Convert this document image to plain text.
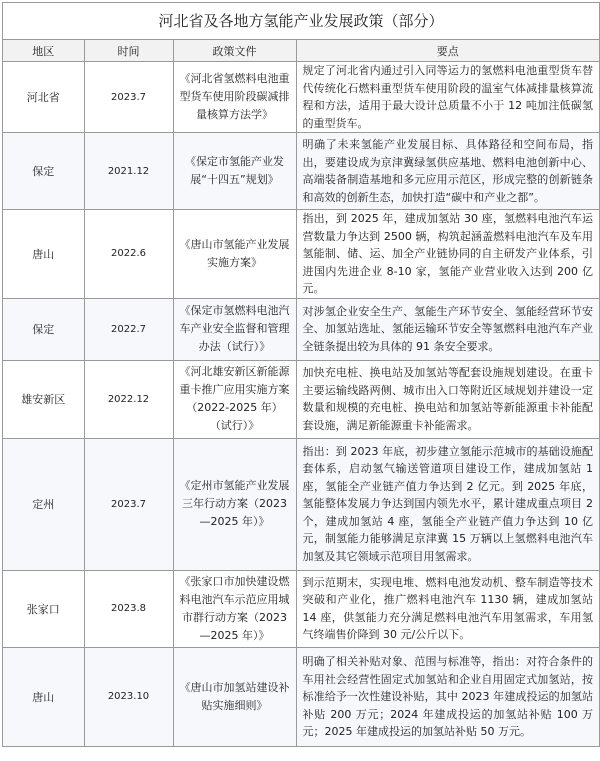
河北省及各地方氢能产业发展政策（部分）
地区	时间	政策文件	要点
河北省	2023.7	《河北省氢燃料电池重型货车使用阶段碳减排量核算方法学》	规定了河北省内通过引入同等运力的氢燃料电池重型货车替代传统化石燃料重型货车使用阶段的温室气体减排量核算流程和方法，适用于最大设计总质量不小于 12 吨加注低碳氢的重型货车。
保定	2021.12	《保定市氢能产业发展“十四五”规划》	明确了未来氢能产业发展目标、具体路径和空间布局，指出，要建设成为京津冀绿氢供应基地、燃料电池创新中心、高端装备制造基地和多元应用示范区，形成完整的创新链条和高效的创新生态，加快打造“碳中和产业之都”。
唐山	2022.6	《唐山市氢能产业发展实施方案》	指出，到 2025 年，建成加氢站 30 座，氢燃料电池汽车运营数量力争达到 2500 辆，构筑起涵盖燃料电池汽车及车用氢能制、储、运、加全产业链协同的自主研发产业体系，引进国内先进企业 8-10 家，氢能产业营业收入达到 200 亿元。
保定	2022.7	《保定市氢燃料电池汽车产业安全监督和管理办法（试行）》	对涉氢企业安全生产、氢能生产环节安全、氢能经营环节安全、加氢站选址、氢能运输环节安全等氢燃料电池汽车产业全链条提出较为具体的 91 条安全要求。
雄安新区	2022.12	《河北雄安新区新能源重卡推广应用实施方案（2022-2025 年）（试行）》	加快充电桩、换电站及加氢站等配套设施规划建设。在重卡主要运输线路两侧、城市出入口等附近区域规划并建设一定数量和规模的充电桩、换电站和加氢站等新能源重卡补能配套设施，满足新能源重卡补能需求。
定州	2023.7	《定州市氢能产业发展三年行动方案（2023—2025 年）》	指出：到 2023 年底，初步建立氢能示范城市的基础设施配套体系，启动氢气输送管道项目建设工作，建成加氢站 1 座，氢能全产业链产值力争达到 2 亿元。到 2025 年底，氢能整体发展力争达到国内领先水平，累计建成重点项目 2 个，建成加氢站 4 座，氢能全产业链产值力争达到 10 亿元，制氢能力能够满足京津冀 15 万辆以上氢燃料电池汽车加氢及其它领域示范项目用氢需求。
张家口	2023.8	《张家口市加快建设燃料电池汽车示范应用城市群行动方案（2023—2025 年）》	到示范期末，实现电堆、燃料电池发动机、整车制造等技术突破和产业化，推广燃料电池汽车 1130 辆，建成加氢站 14 座，供氢能力充分满足燃料电池汽车用氢需求，车用氢气终端售价降到 30 元/公斤以下。
唐山	2023.10	《唐山市加氢站建设补贴实施细则》	明确了相关补贴对象、范围与标准等，指出：对符合条件的车用社会经营性固定式加氢站和企业自用固定式加氢站，按标准给予一次性建设补贴，其中 2023 年建成投运的加氢站补贴 200 万元；2024 年建成投运的加氢站补贴 100 万元；2025 年建成投运的加氢站补贴 50 万元。
